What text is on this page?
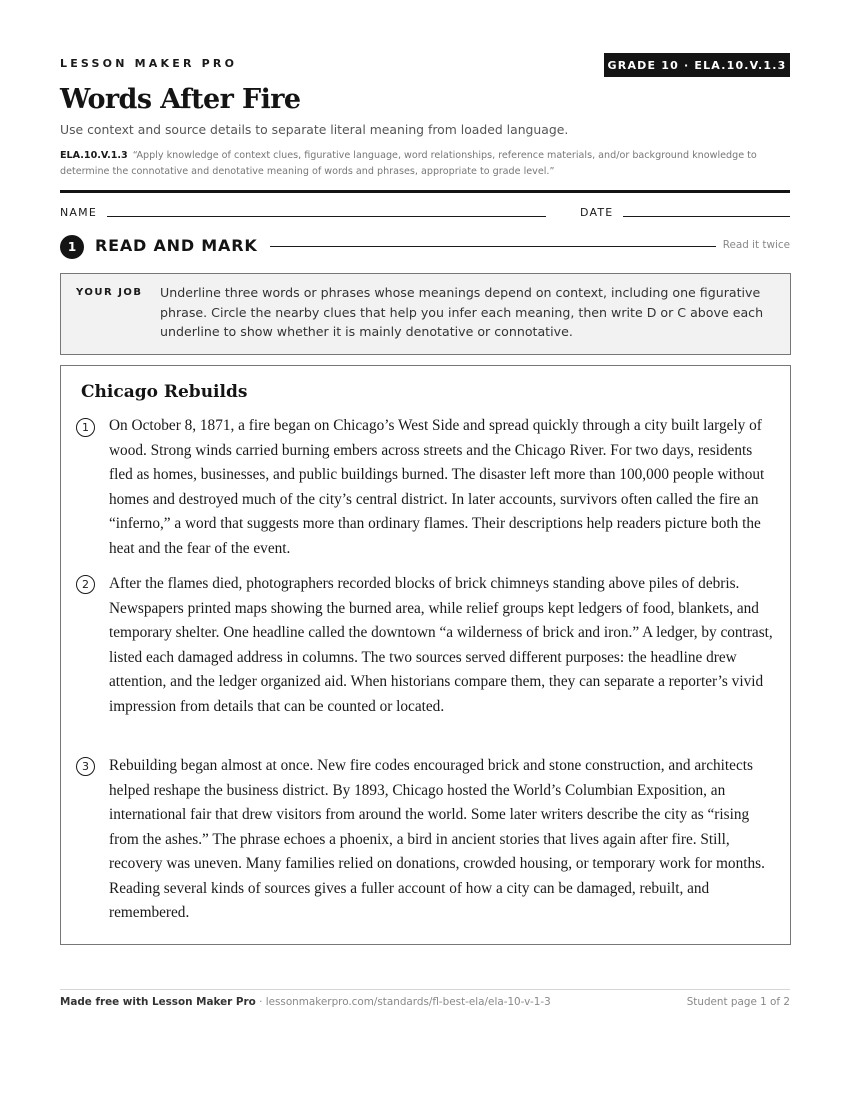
LESSON MAKER PRO	GRADE 10 · ELA.10.V.1.3
Words After Fire

Use context and source details to separate literal meaning from loaded language.

ELA.10.V.1.3 “Apply knowledge of context clues, figurative language, word relationships, reference materials, and/or background knowledge to determine the connotative and denotative meaning of words and phrases, appropriate to grade level.”
NAME	DATE
1	READ AND MARK	Read it twice
YOUR JOB Underline three words or phrases whose meanings depend on context, including one figurative phrase. Circle the nearby clues that help you infer each meaning, then write D or C above each underline to show whether it is mainly denotative or connotative.
Chicago Rebuilds
1	On October 8, 1871, a fire began on Chicago’s West Side and spread quickly through a city built largely of wood. Strong winds carried burning embers across streets and the Chicago River. For two days, residents fled as homes, businesses, and public buildings burned. The disaster left more than 100,000 people without homes and destroyed much of the city’s central district. In later accounts, survivors often called the fire an “inferno,” a word that suggests more than ordinary flames. Their descriptions help readers picture both the heat and the fear of the event.

2	After the flames died, photographers recorded blocks of brick chimneys standing above piles of debris. Newspapers printed maps showing the burned area, while relief groups kept ledgers of food, blankets, and temporary shelter. One headline called the downtown “a wilderness of brick and iron.” A ledger, by contrast, listed each damaged address in columns. The two sources served different purposes: the headline drew attention, and the ledger organized aid. When historians compare them, they can separate a reporter’s vivid impression from details that can be counted or located.

3	Rebuilding began almost at once. New fire codes encouraged brick and stone construction, and architects helped reshape the business district. By 1893, Chicago hosted the World’s Columbian Exposition, an international fair that drew visitors from around the world. Some later writers describe the city as “rising from the ashes.” The phrase echoes a phoenix, a bird in ancient stories that lives again after fire. Still, recovery was uneven. Many families relied on donations, crowded housing, or temporary work for months. Reading several kinds of sources gives a fuller account of how a city can be damaged, rebuilt, and remembered.

Made free with Lesson Maker Pro · lessonmakerpro.com/standards/fl-best-ela/ela-10-v-1-3	Student page 1 of 2
